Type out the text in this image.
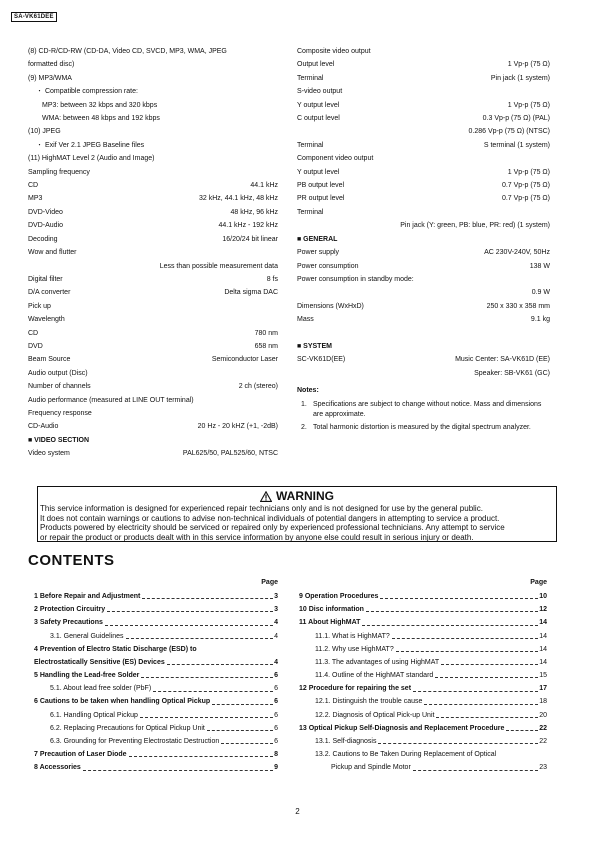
SA-VK61DEE
(8) CD-R/CD-RW (CD-DA, Video CD, SVCD, MP3, WMA, JPEG
formatted disc)
(9) MP3/WMA
・ Compatible compression rate:
MP3: between 32 kbps and 320 kbps
WMA: between 48 kbps and 192 kbps
(10) JPEG
・ Exif Ver 2.1 JPEG Baseline files
(11) HighMAT Level 2 (Audio and Image)
Sampling frequency
CD	44.1 kHz
MP3	32 kHz, 44.1 kHz, 48 kHz
DVD-Video	48 kHz, 96 kHz
DVD-Audio	44.1 kHz - 192 kHz
Decoding	16/20/24 bit linear
Wow and flutter
Less than possible measurement data
Digital filter	8 fs
D/A converter	Delta sigma DAC
Pick up
Wavelength
CD	780 nm
DVD	658 nm
Beam Source	Semiconductor Laser
Audio output (Disc)
Number of channels	2 ch (stereo)
Audio performance (measured at LINE OUT terminal)
Frequency response
CD-Audio	20 Hz - 20 kHZ (+1, -2dB)
■ VIDEO SECTION
Video system	PAL625/50, PAL525/60, NTSC
Composite video output
Output level	1 Vp-p (75 Ω)
Terminal	Pin jack (1 system)
S-video output
Y output level	1 Vp-p (75 Ω)
C output level	0.3 Vp-p (75 Ω) (PAL)
0.286 Vp-p (75 Ω) (NTSC)
Terminal	S terminal (1 system)
Component video output
Y output level	1 Vp-p (75 Ω)
PB output level	0.7 Vp-p (75 Ω)
PR output level	0.7 Vp-p (75 Ω)
Terminal
Pin jack (Y: green, PB: blue, PR: red) (1 system)
■ GENERAL
Power supply	AC 230V-240V, 50Hz
Power consumption	138 W
Power consumption in standby mode:
0.9 W
Dimensions (WxHxD)	250 x 330 x 358 mm
Mass	9.1 kg
■ SYSTEM
SC-VK61D(EE)	Music Center: SA-VK61D (EE)
Speaker: SB-VK61 (GC)
Notes:
1. Specifications are subject to change without notice. Mass and dimensions are approximate.
2. Total harmonic distortion is measured by the digital spectrum analyzer.
WARNING
This service information is designed for experienced repair technicians only and is not designed for use by the general public.
It does not contain warnings or cautions to advise non-technical individuals of potential dangers in attempting to service a product.
Products powered by electricity should be serviced or repaired only by experienced professional technicians. Any attempt to service
or repair the product or products dealt with in this service information by anyone else could result in serious injury or death.
CONTENTS
Page
1 Before Repair and Adjustment	3
2 Protection Circuitry	3
3 Safety Precautions	4
3.1. General Guidelines	4
4 Prevention of Electro Static Discharge (ESD) to
Electrostatically Sensitive (ES) Devices	4
5 Handling the Lead-free Solder	6
5.1. About lead free solder (PbF)	6
6 Cautions to be taken when handling Optical Pickup	6
6.1. Handling Optical Pickup	6
6.2. Replacing Precautions for Optical Pickup Unit	6
6.3. Grounding for Preventing Electrostatic Destruction	6
7 Precaution of Laser Diode	8
8 Accessories	9
Page
9 Operation Procedures	10
10 Disc information	12
11 About HighMAT	14
11.1. What is HighMAT?	14
11.2. Why use HighMAT?	14
11.3. The advantages of using HighMAT	14
11.4. Outline of the HighMAT standard	15
12 Procedure for repairing the set	17
12.1. Distinguish the trouble cause	18
12.2. Diagnosis of Optical Pick-up Unit	20
13 Optical Pickup Self-Diagnosis and Replacement Procedure	22
13.1. Self-diagnosis	22
13.2. Cautions to Be Taken During Replacement of Optical
Pickup and Spindle Motor	23
2
